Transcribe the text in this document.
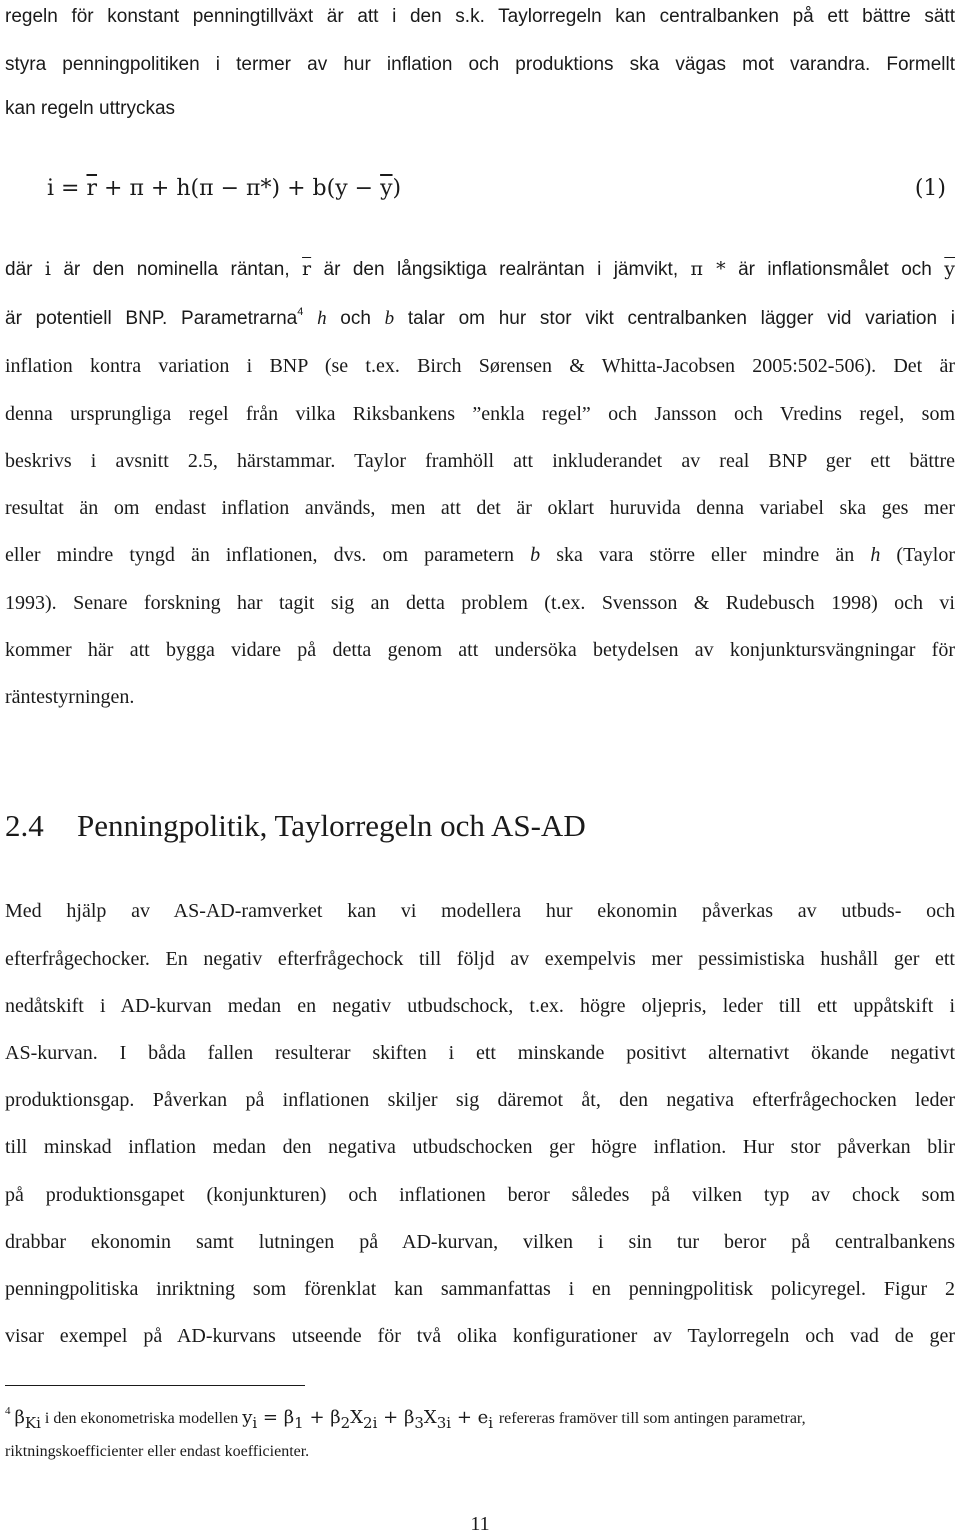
regeln för konstant penningtillväxt är att i den s.k. Taylorregeln kan centralbanken på ett bättre sätt
styra penningpolitiken i termer av hur inflation och produktions ska vägas mot varandra. Formellt
kan regeln uttryckas
$i = \overline{r} + \pi + h(\pi - \pi*) + b(y - \overline{y})$	(1)
där i är den nominella räntan, $\overline{r}$ är den långsiktiga realräntan i jämvikt, π * är inflationsmålet och $\overline{y}$
är potentiell BNP. Parametrarna$^4$ h och b talar om hur stor vikt centralbanken lägger vid variation i
inflation kontra variation i BNP (se t.ex. Birch Sørensen & Whitta-Jacobsen 2005:502-506). Det är
denna ursprungliga regel från vilka Riksbankens ”enkla regel” och Jansson och Vredins regel, som
beskrivs i avsnitt 2.5, härstammar. Taylor framhöll att inkluderandet av real BNP ger ett bättre
resultat än om endast inflation används, men att det är oklart huruvida denna variabel ska ges mer
eller mindre tyngd än inflationen, dvs. om parametern b ska vara större eller mindre än h (Taylor
1993). Senare forskning har tagit sig an detta problem (t.ex. Svensson & Rudebusch 1998) och vi
kommer här att bygga vidare på detta genom att undersöka betydelsen av konjunktursvängningar för
räntestyrningen.
2.4 Penningpolitik, Taylorregeln och AS-AD
Med hjälp av AS-AD-ramverket kan vi modellera hur ekonomin påverkas av utbuds- och
efterfrågechocker. En negativ efterfrågechock till följd av exempelvis mer pessimistiska hushåll ger ett
nedåtskift i AD-kurvan medan en negativ utbudschock, t.ex. högre oljepris, leder till ett uppåtskift i
AS-kurvan. I båda fallen resulterar skiften i ett minskande positivt alternativt ökande negativt
produktionsgap. Påverkan på inflationen skiljer sig däremot åt, den negativa efterfrågechocken leder
till minskad inflation medan den negativa utbudschocken ger högre inflation. Hur stor påverkan blir
på produktionsgapet (konjunkturen) och inflationen beror således på vilken typ av chock som
drabbar ekonomin samt lutningen på AD-kurvan, vilken i sin tur beror på centralbankens
penningpolitiska inriktning som förenklat kan sammanfattas i en penningpolitisk policyregel. Figur 2
visar exempel på AD-kurvans utseende för två olika konfigurationer av Taylorregeln och vad de ger
$^4$ $\beta_{Ki}$ i den ekonometriska modellen $y_i = \beta_1 + \beta_2X_{2i} + \beta_3X_{3i} + e_i$ refereras framöver till som antingen parametrar,
riktningskoefficienter eller endast koefficienter.
11
